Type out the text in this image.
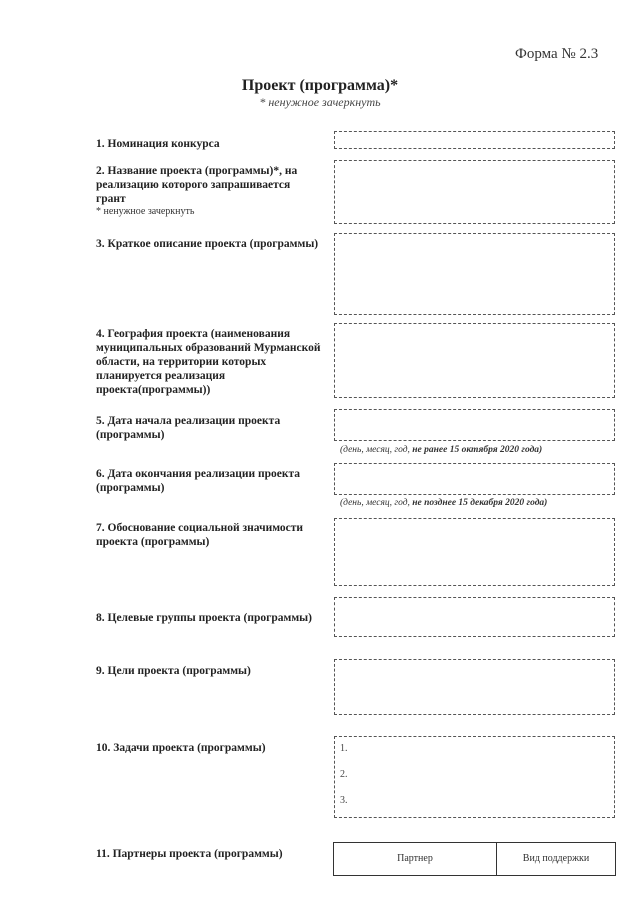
Форма № 2.3
Проект (программа)*
* ненужное зачеркнуть
1. Номинация конкурса
2. Название проекта (программы)*, на реализацию которого запрашивается грант
* ненужное зачеркнуть
3. Краткое описание проекта (программы)
4. География проекта (наименования муниципальных образований Мурманской области, на территории которых планируется реализация проекта(программы))
5. Дата начала реализации проекта (программы)
(день, месяц, год, не ранее 15 октября 2020 года)
6. Дата окончания реализации проекта (программы)
(день, месяц, год, не позднее 15 декабря 2020 года)
7. Обоснование социальной значимости проекта (программы)
8. Целевые группы проекта (программы)
9. Цели проекта (программы)
10. Задачи проекта (программы)	1.
2.
3.
11. Партнеры проекта (программы)	Партнер	Вид поддержки
